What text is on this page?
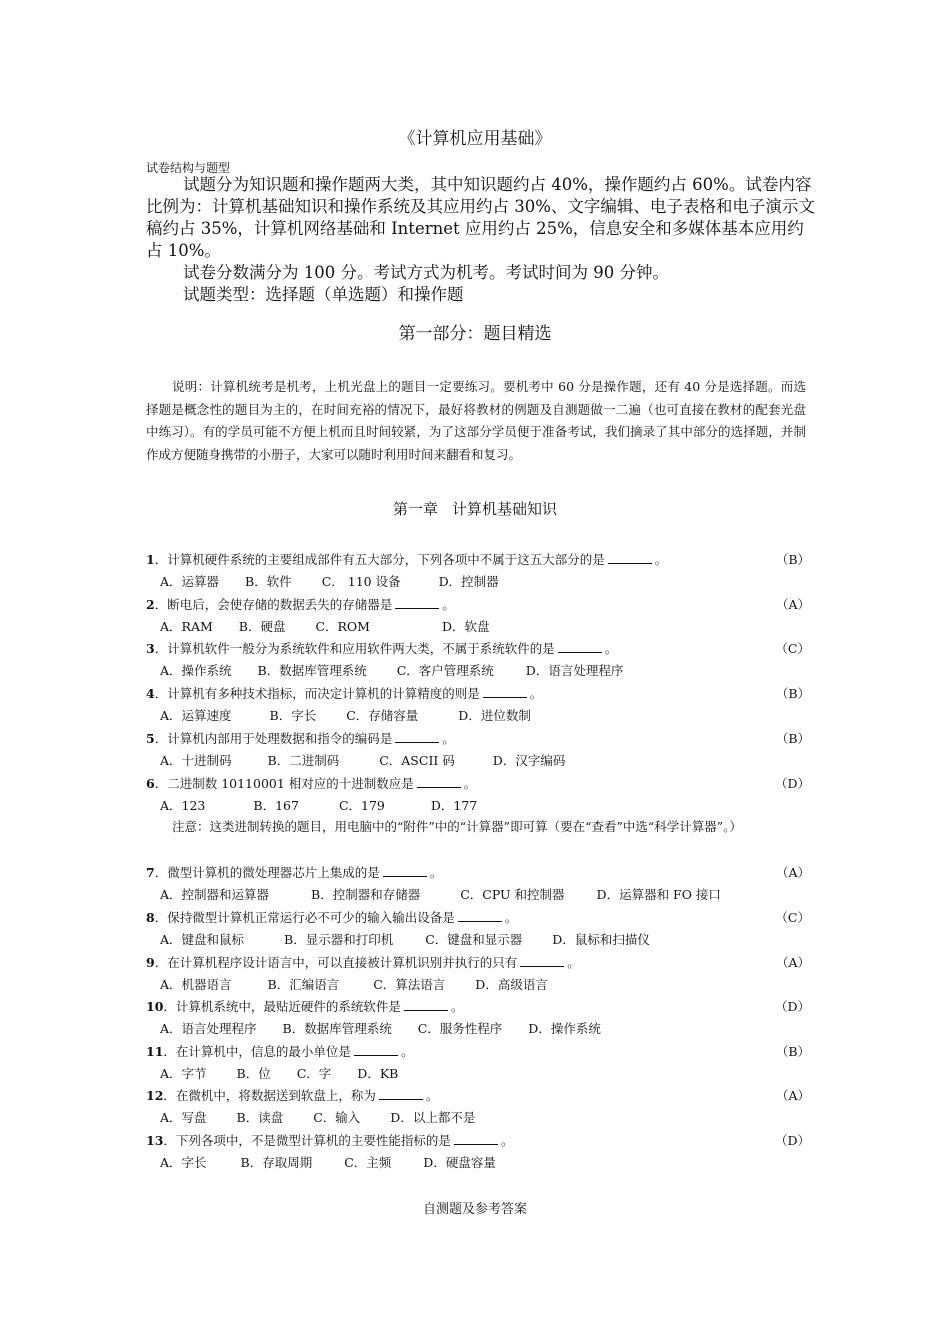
《计算机应用基础》
试卷结构与题型

试题分为知识题和操作题两大类，其中知识题约占 40%，操作题约占 60%。试卷内容比例为：计算机基础知识和操作系统及其应用约占 30%、文字编辑、电子表格和电子演示文稿约占 35%，计算机网络基础和 Internet 应用约占 25%，信息安全和多媒体基本应用约占 10%。

试卷分数满分为 100 分。考试方式为机考。考试时间为 90 分钟。

试题类型：选择题（单选题）和操作题

第一部分：题目精选

说明：计算机统考是机考，上机光盘上的题目一定要练习。要机考中 60 分是操作题，还有 40 分是选择题。而选择题是概念性的题目为主的，在时间充裕的情况下，最好将教材的例题及自测题做一二遍（也可直接在教材的配套光盘中练习）。有的学员可能不方便上机而且时间较紧，为了这部分学员便于准备考试，我们摘录了其中部分的选择题，并制作成方便随身携带的小册子，大家可以随时利用时间来翻看和复习。

第一章 计算机基础知识
1．计算机硬件系统的主要组成部件有五大部分，下列各项中不属于这五大部分的是	。	（B）
A．运算器 B．软件 C． 110 设备	D．控制器
2．断电后，会使存储的数据丢失的存储器是	。	（A）
A．RAM B．硬盘 C．ROM	D．软盘
3．计算机软件一般分为系统软件和应用软件两大类，不属于系统软件的是	。	（C）
A．操作系统 B．数据库管理系统 C．客户管理系统	D．语言处理程序
4．计算机有多种技术指标，而决定计算机的计算精度的则是	。	（B）
A．运算速度	B．字长 C．存储容量	D．进位数制
5．计算机内部用于处理数据和指令的编码是	。	（B）
A．十进制码	B．二进制码	C．ASCII 码	D．汉字编码
6．二进制数 10110001 相对应的十进制数应是	。	（D）
A．123	B．167	C．179	D．177

注意：这类进制转换的题目，用电脑中的“附件”中的“计算器”即可算（要在“查看”中选“科学计算器”。）

7．微型计算机的微处理器芯片上集成的是	。	（A）
A．控制器和运算器	B．控制器和存储器	C．CPU 和控制器	D．运算器和 FO 接口
8．保持微型计算机正常运行必不可少的输入输出设备是	。	（C）
A．键盘和鼠标	B．显示器和打印机	C．键盘和显示器 D．鼠标和扫描仪
9．在计算机程序设计语言中，可以直接被计算机识别并执行的只有	。	（A）
A．机器语言	B．汇编语言	C．算法语言 D．高级语言
10．计算机系统中，最贴近硬件的系统软件是	。	（D）
A．语言处理程序 B．数据库管理系统 C．服务性程序 D．操作系统
11．在计算机中，信息的最小单位是	。	（B）
A．字节 B．位 C．字 D．KB
12．在微机中，将数据送到软盘上，称为	。	（A）
A．写盘 B．读盘 C．输入 D．以上都不是
13．下列各项中，不是微型计算机的主要性能指标的是	。	（D）
A．字长	B．存取周期	C．主频	D．硬盘容量
自测题及参考答案
